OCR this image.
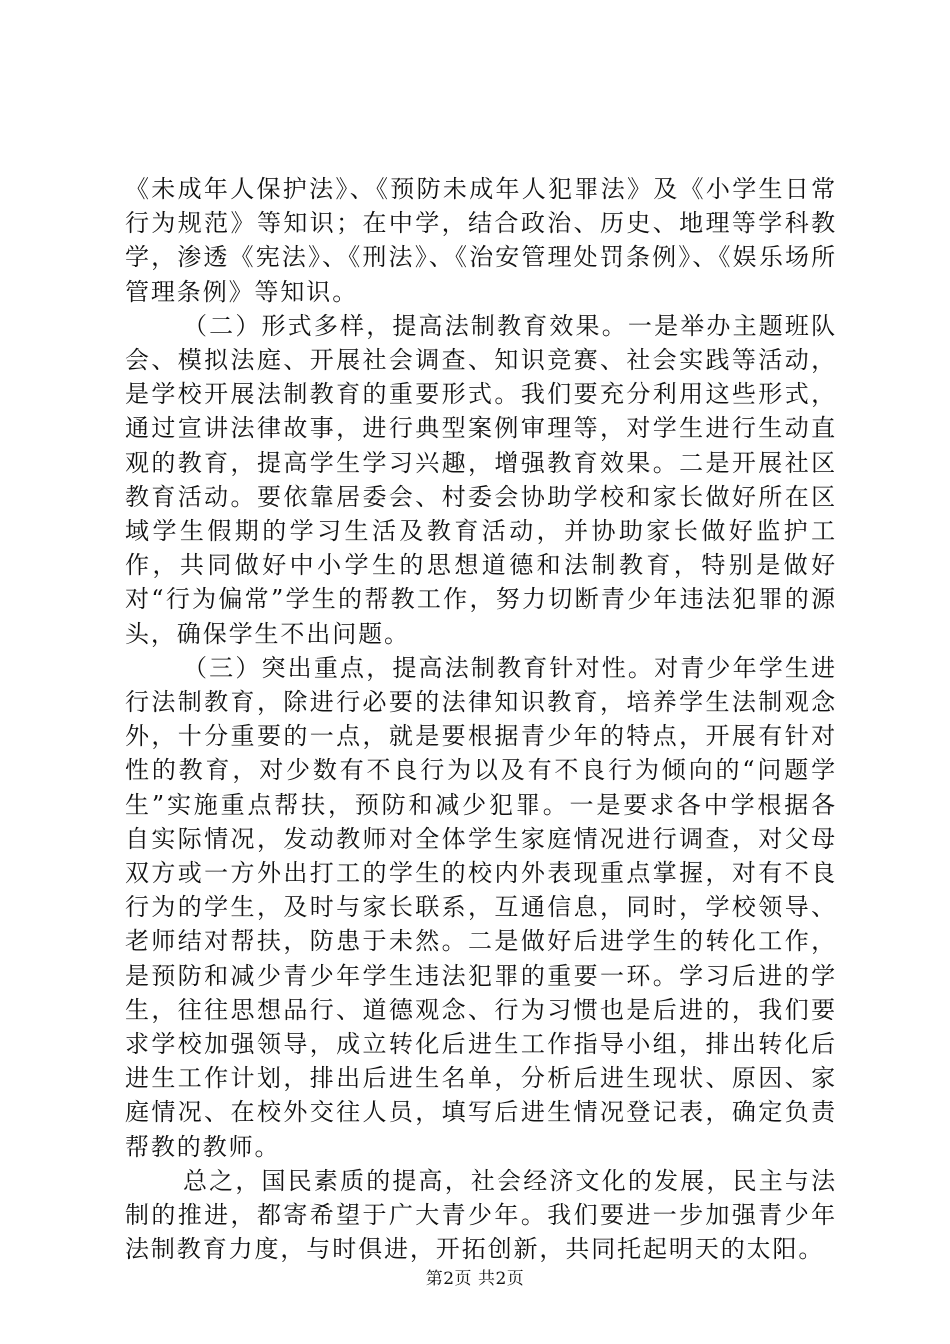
《未成年人保护法》、《预防未成年人犯罪法》及《小学生日常行为规范》等知识；在中学，结合政治、历史、地理等学科教学，渗透《宪法》、《刑法》、《治安管理处罚条例》、《娱乐场所管理条例》等知识。

（二）形式多样，提高法制教育效果。一是举办主题班队会、模拟法庭、开展社会调查、知识竞赛、社会实践等活动，是学校开展法制教育的重要形式。我们要充分利用这些形式，通过宣讲法律故事，进行典型案例审理等，对学生进行生动直观的教育，提高学生学习兴趣，增强教育效果。二是开展社区教育活动。要依靠居委会、村委会协助学校和家长做好所在区域学生假期的学习生活及教育活动，并协助家长做好监护工作，共同做好中小学生的思想道德和法制教育，特别是做好对“行为偏常”学生的帮教工作，努力切断青少年违法犯罪的源头，确保学生不出问题。

（三）突出重点，提高法制教育针对性。对青少年学生进行法制教育，除进行必要的法律知识教育，培养学生法制观念外，十分重要的一点，就是要根据青少年的特点，开展有针对性的教育，对少数有不良行为以及有不良行为倾向的“问题学生”实施重点帮扶，预防和减少犯罪。一是要求各中学根据各自实际情况，发动教师对全体学生家庭情况进行调查，对父母双方或一方外出打工的学生的校内外表现重点掌握，对有不良行为的学生，及时与家长联系，互通信息，同时，学校领导、老师结对帮扶，防患于未然。二是做好后进学生的转化工作，是预防和减少青少年学生违法犯罪的重要一环。学习后进的学生，往往思想品行、道德观念、行为习惯也是后进的，我们要求学校加强领导，成立转化后进生工作指导小组，排出转化后进生工作计划，排出后进生名单，分析后进生现状、原因、家庭情况、在校外交往人员，填写后进生情况登记表，确定负责帮教的教师。

总之，国民素质的提高，社会经济文化的发展，民主与法制的推进，都寄希望于广大青少年。我们要进一步加强青少年法制教育力度，与时俱进，开拓创新，共同托起明天的太阳。

第2页 共2页
